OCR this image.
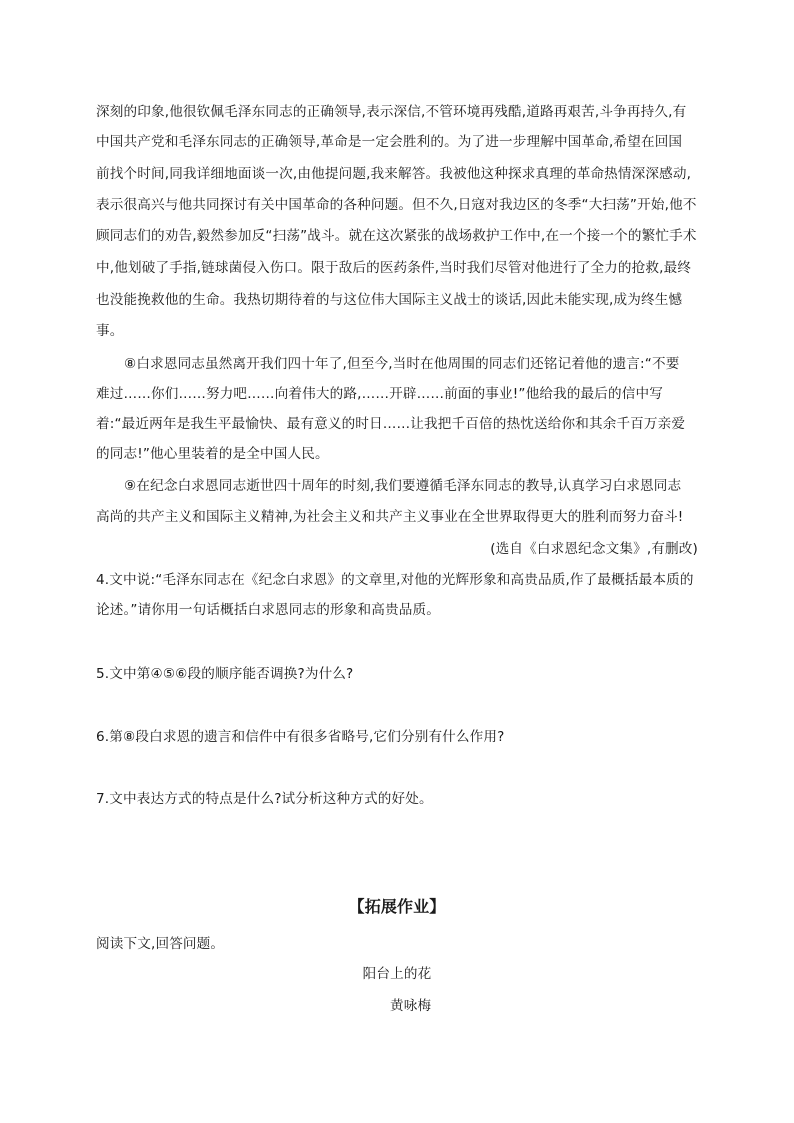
深刻的印象,他很钦佩毛泽东同志的正确领导,表示深信,不管环境再残酷,道路再艰苦,斗争再持久,有
中国共产党和毛泽东同志的正确领导,革命是一定会胜利的。为了进一步理解中国革命,希望在回国
前找个时间,同我详细地面谈一次,由他提问题,我来解答。我被他这种探求真理的革命热情深深感动,
表示很高兴与他共同探讨有关中国革命的各种问题。但不久,日寇对我边区的冬季“大扫荡”开始,他不
顾同志们的劝告,毅然参加反“扫荡”战斗。就在这次紧张的战场救护工作中,在一个接一个的繁忙手术
中,他划破了手指,链球菌侵入伤口。限于敌后的医药条件,当时我们尽管对他进行了全力的抢救,最终
也没能挽救他的生命。我热切期待着的与这位伟大国际主义战士的谈话,因此未能实现,成为终生憾
事。
⑧白求恩同志虽然离开我们四十年了,但至今,当时在他周围的同志们还铭记着他的遗言:“不要
难过……你们……努力吧……向着伟大的路,……开辟……前面的事业!”他给我的最后的信中写
着:“最近两年是我生平最愉快、最有意义的时日……让我把千百倍的热忱送给你和其余千百万亲爱
的同志!”他心里装着的是全中国人民。
⑨在纪念白求恩同志逝世四十周年的时刻,我们要遵循毛泽东同志的教导,认真学习白求恩同志
高尚的共产主义和国际主义精神,为社会主义和共产主义事业在全世界取得更大的胜利而努力奋斗!
(选自《白求恩纪念文集》,有删改)
4.文中说:“毛泽东同志在《纪念白求恩》的文章里,对他的光辉形象和高贵品质,作了最概括最本质的
论述。”请你用一句话概括白求恩同志的形象和高贵品质。
5.文中第④⑤⑥段的顺序能否调换?为什么?
6.第⑧段白求恩的遗言和信件中有很多省略号,它们分别有什么作用?
7.文中表达方式的特点是什么?试分析这种方式的好处。
【拓展作业】
阅读下文,回答问题。
阳台上的花
黄咏梅
